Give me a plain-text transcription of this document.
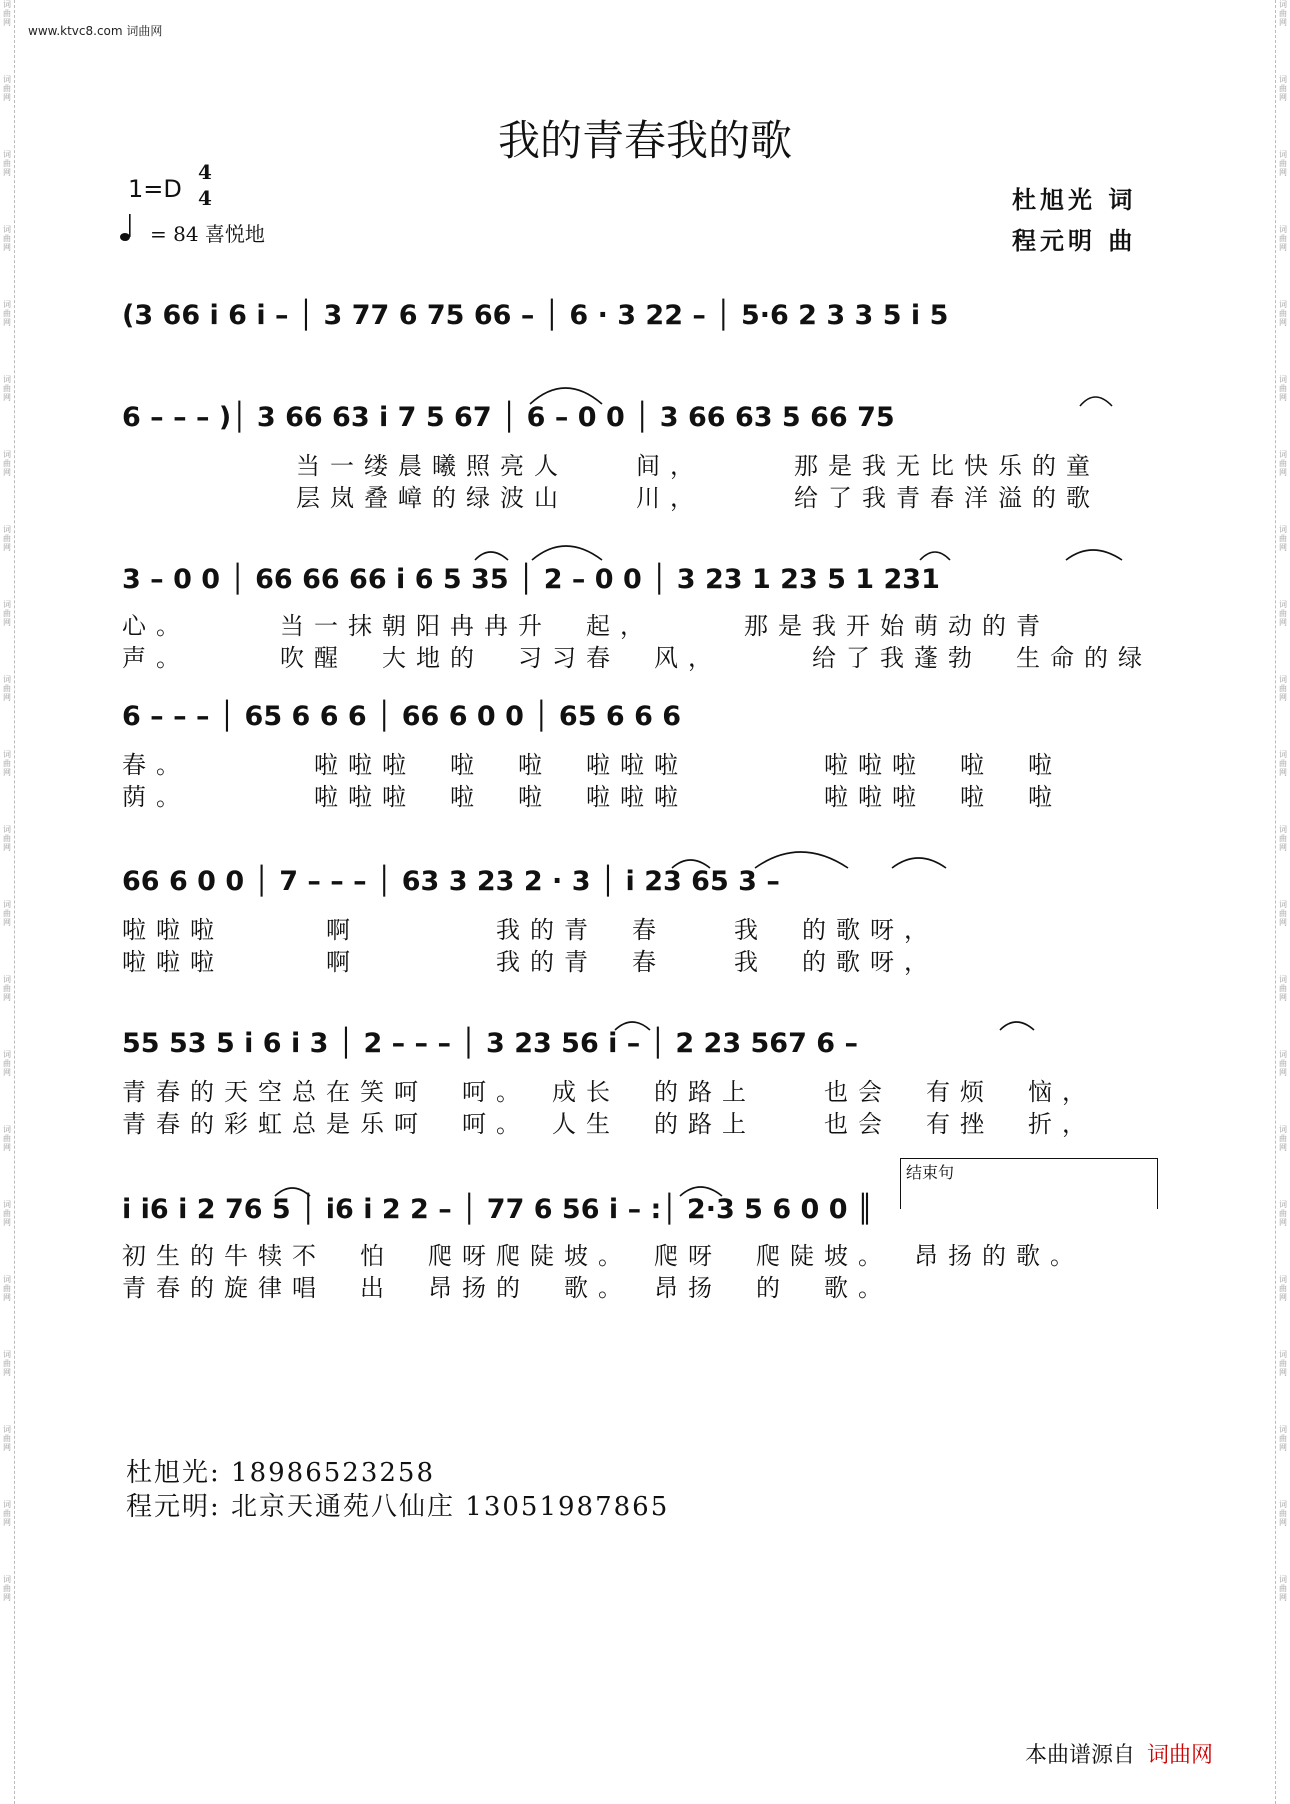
词曲网
词曲网
词曲网
词曲网
词曲网
词曲网
词曲网
词曲网
词曲网
词曲网
词曲网
词曲网
词曲网
词曲网
词曲网
词曲网
词曲网
词曲网
词曲网
词曲网
词曲网
词曲网
词曲网
词曲网
词曲网
词曲网
词曲网
词曲网
词曲网
词曲网
词曲网
词曲网
词曲网
词曲网
词曲网
词曲网
词曲网
词曲网
词曲网
词曲网
词曲网
词曲网
词曲网
词曲网
www.ktvc8.com 词曲网
我的青春我的歌
1=D
4
4
= 84 喜悦地
杜旭光 词
程元明 曲
(3 66 i 6 i – │ 3 77 6 75 66 – │ 6 · 3 22 – │ 5·6 2 3 3 5 i 5
6 – – – )│ 3 66 63 i 7 5 67 │ 6 – 0 0 │ 3 66 63 5 66 75
当一缕晨曦照亮人　　间，　　　那是我无比快乐的童
层岚叠嶂的绿波山　　川，　　　给了我青春洋溢的歌
3 – 0 0 │ 66 66 66 i 6 5 35 │ 2 – 0 0 │ 3 23 1 23 5 1 231
心。　　　当一抹朝阳冉冉升　起，　　　那是我开始萌动的青
声。　　　吹醒　大地的　习习春　风，　　　给了我蓬勃　生命的绿
6 – – – │ 65 6 6 6 │ 66 6 0 0 │ 65 6 6 6
春。　　　　啦啦啦　啦　啦　啦啦啦　　　　啦啦啦　啦　啦
荫。　　　　啦啦啦　啦　啦　啦啦啦　　　　啦啦啦　啦　啦
66 6 0 0 │ 7 – – – │ 63 3 23 2 · 3 │ i 23 65 3 –
啦啦啦　　　啊　　　　我的青　春　　我　的歌呀，
啦啦啦　　　啊　　　　我的青　春　　我　的歌呀，
55 53 5 i 6 i 3 │ 2 – – – │ 3 23 56 i – │ 2 23 567 6 –
青春的天空总在笑呵　呵。　成长　的路上　　也会　有烦　恼，
青春的彩虹总是乐呵　呵。　人生　的路上　　也会　有挫　折，
结束句
i i6 i 2 76 5 │ i6 i 2 2 – │ 77 6 56 i – :│ 2·3 5 6 0 0 ║
初生的牛犊不　怕　爬呀爬陡坡。　爬呀　爬陡坡。　昂扬的歌。
青春的旋律唱　出　昂扬的　歌。　昂扬　的　歌。
杜旭光: 18986523258
程元明: 北京天通苑八仙庄 13051987865
本曲谱源自 词曲网
